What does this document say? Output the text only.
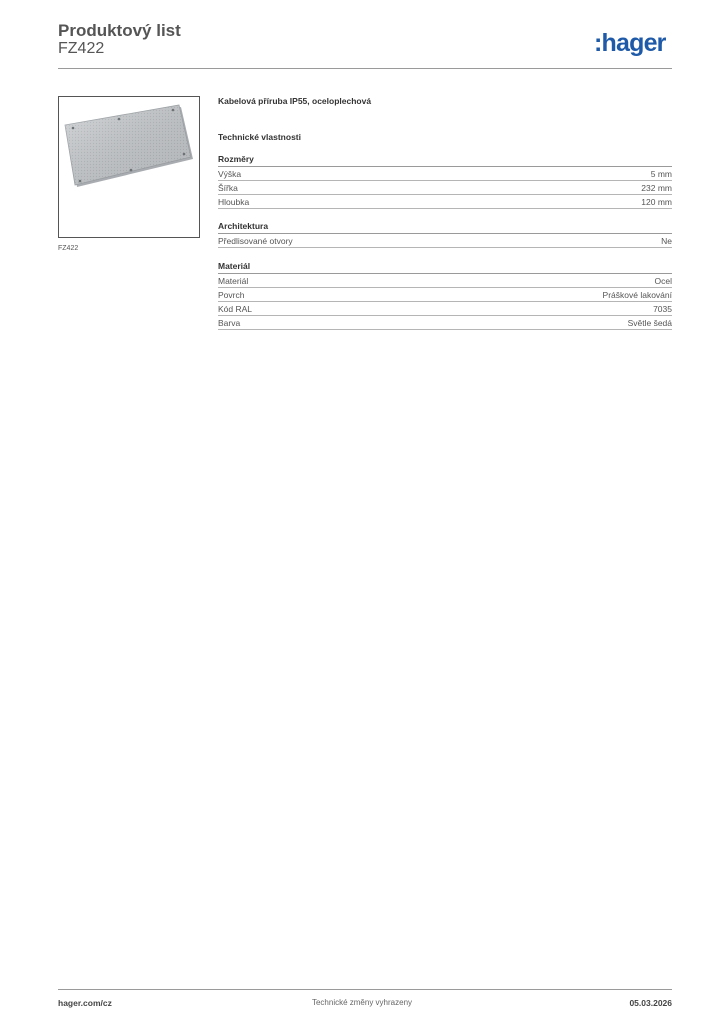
Produktový list
FZ422	:hager
FZ422

Kabelová příruba IP55, oceloplechová

Technické vlastnosti

Rozměry
Výška	5 mm
Šířka	232 mm
Hloubka	120 mm
Architektura
Předlisované otvory	Ne
Materiál
Materiál	Ocel
Povrch	Práškové lakování
Kód RAL	7035
Barva	Světle šedá
hager.com/cz	Technické změny vyhrazeny	05.03.2026
